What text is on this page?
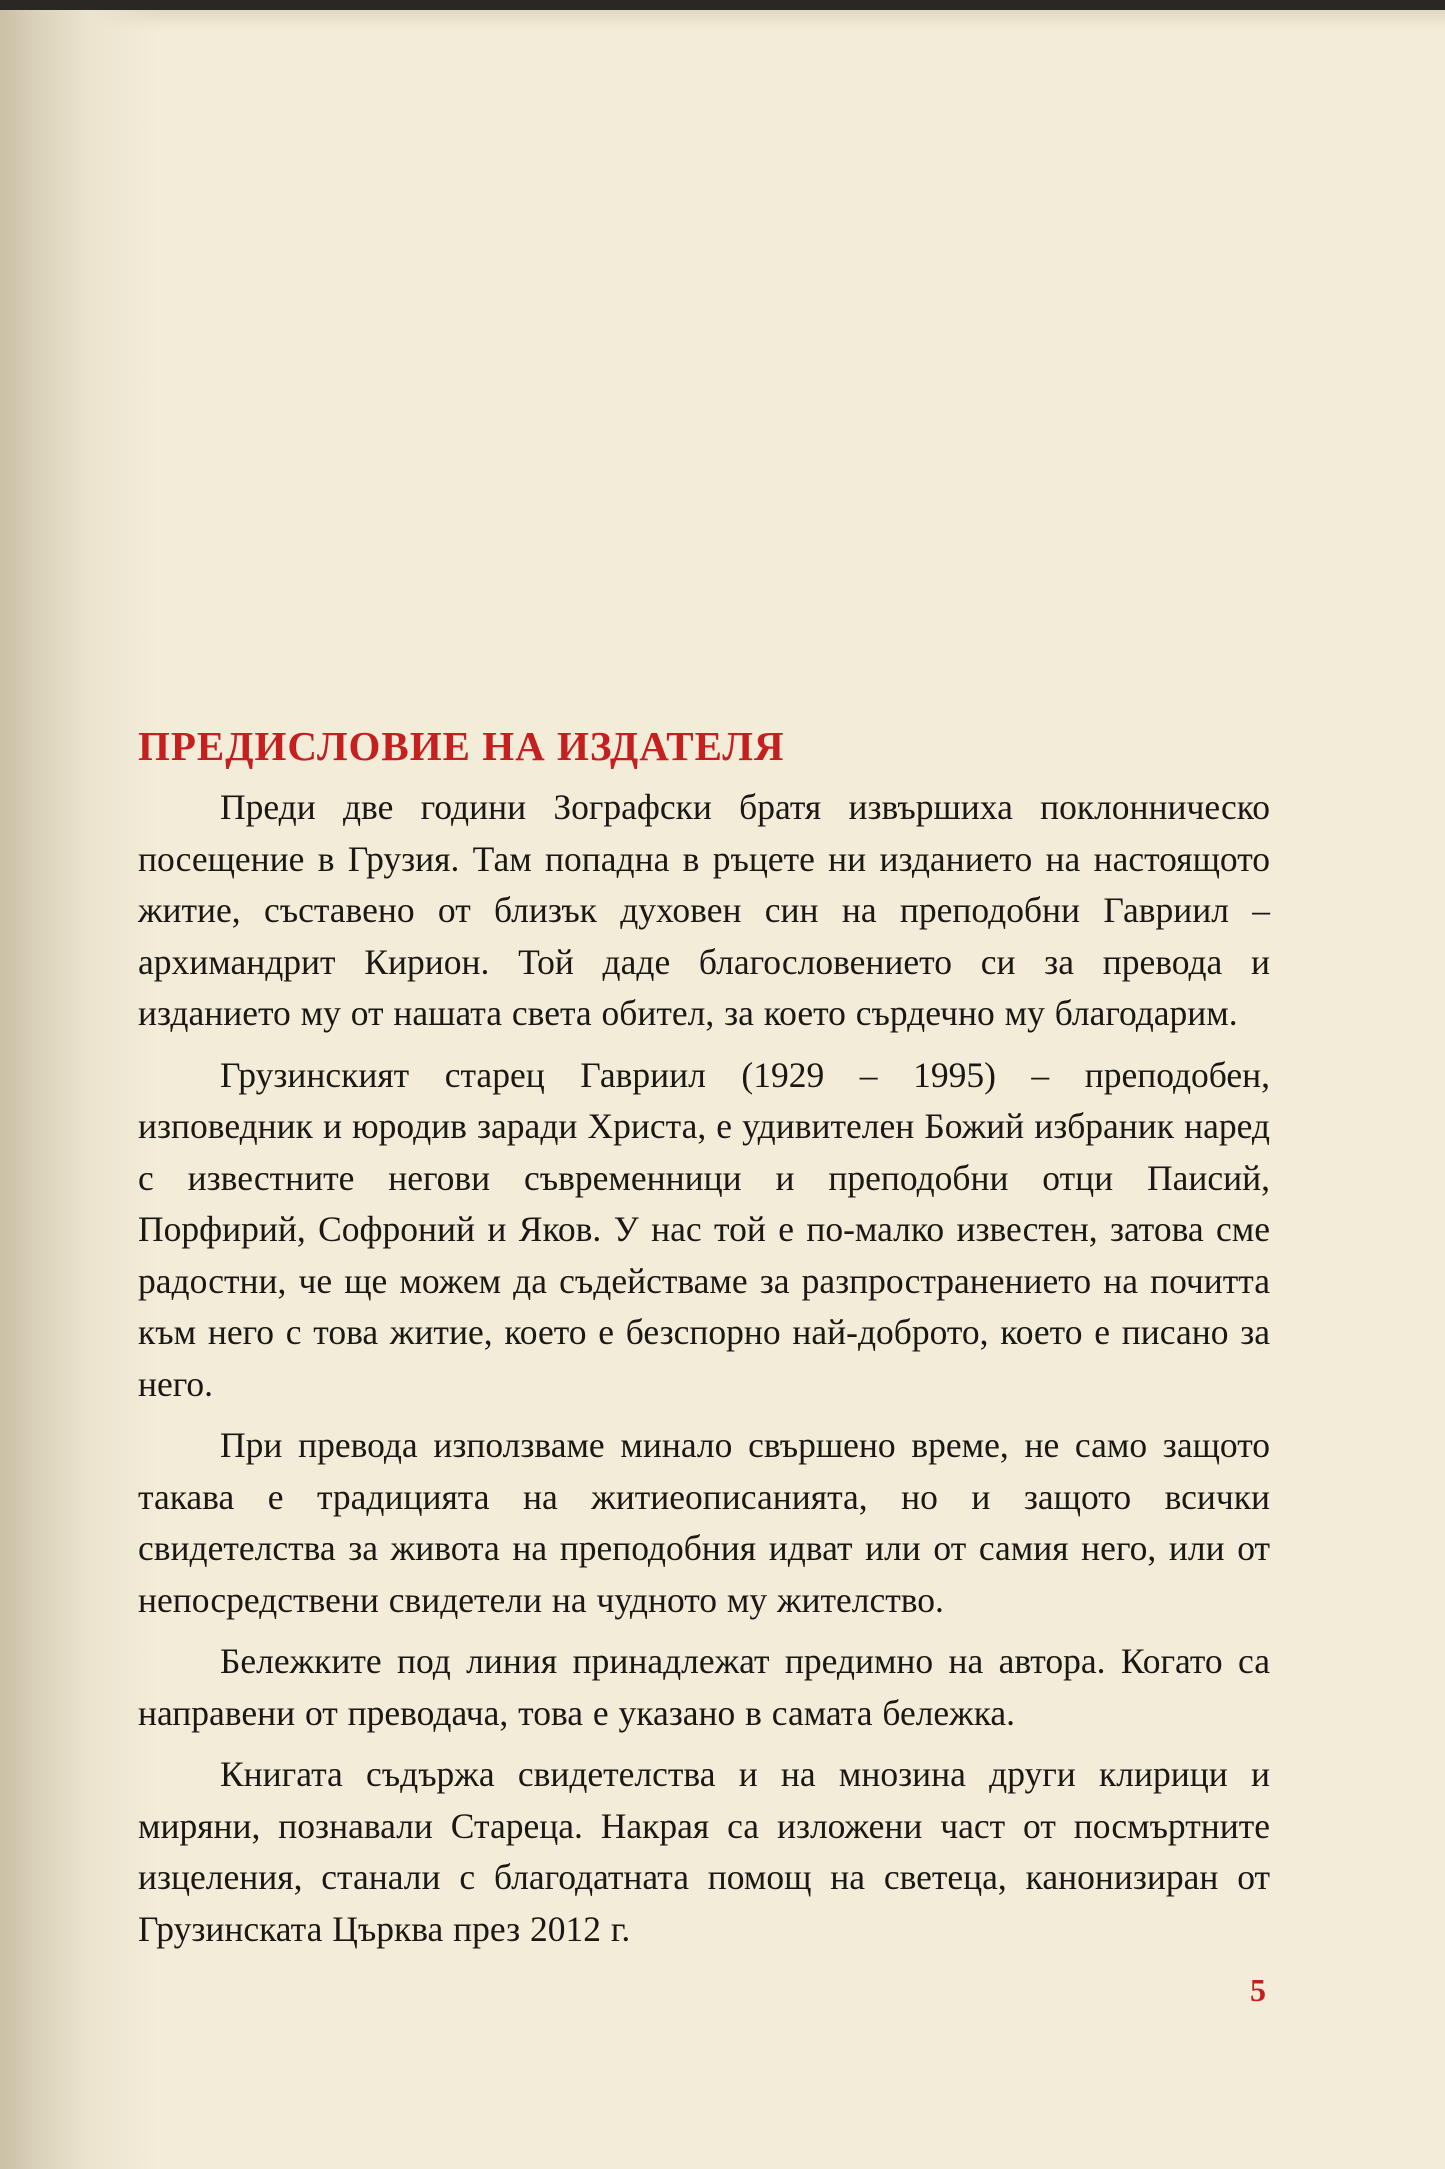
ПРЕДИСЛОВИЕ НА ИЗДАТЕЛЯ

Преди две години Зографски братя извършиха поклонническо посещение в Грузия. Там попадна в ръцете ни изданието на настоящото житие, съставено от близък духовен син на преподобни Гавриил – архимандрит Кирион. Той даде благословението си за превода и изданието му от нашата света обител, за което сърдечно му благодарим.

Грузинският старец Гавриил (1929 – 1995) – преподобен, изповедник и юродив заради Христа, е удивителен Божий избраник наред с известните негови съвременници и преподобни отци Паисий, Порфирий, Софроний и Яков. У нас той е по-малко известен, затова сме радостни, че ще можем да съдействаме за разпространението на почитта към него с това житие, което е безспорно най-доброто, което е писано за него.

При превода използваме минало свършено време, не само защото такава е традицията на житиеописанията, но и защото всички свидетелства за живота на преподобния идват или от самия него, или от непосредствени свидетели на чудното му жителство.

Бележките под линия принадлежат предимно на автора. Когато са направени от преводача, това е указано в самата бележка.

Книгата съдържа свидетелства и на мнозина други клирици и миряни, познавали Стареца. Накрая са изложени част от посмъртните изцеления, станали с благодатната помощ на светеца, канонизиран от Грузинската Църква през 2012 г.

5
